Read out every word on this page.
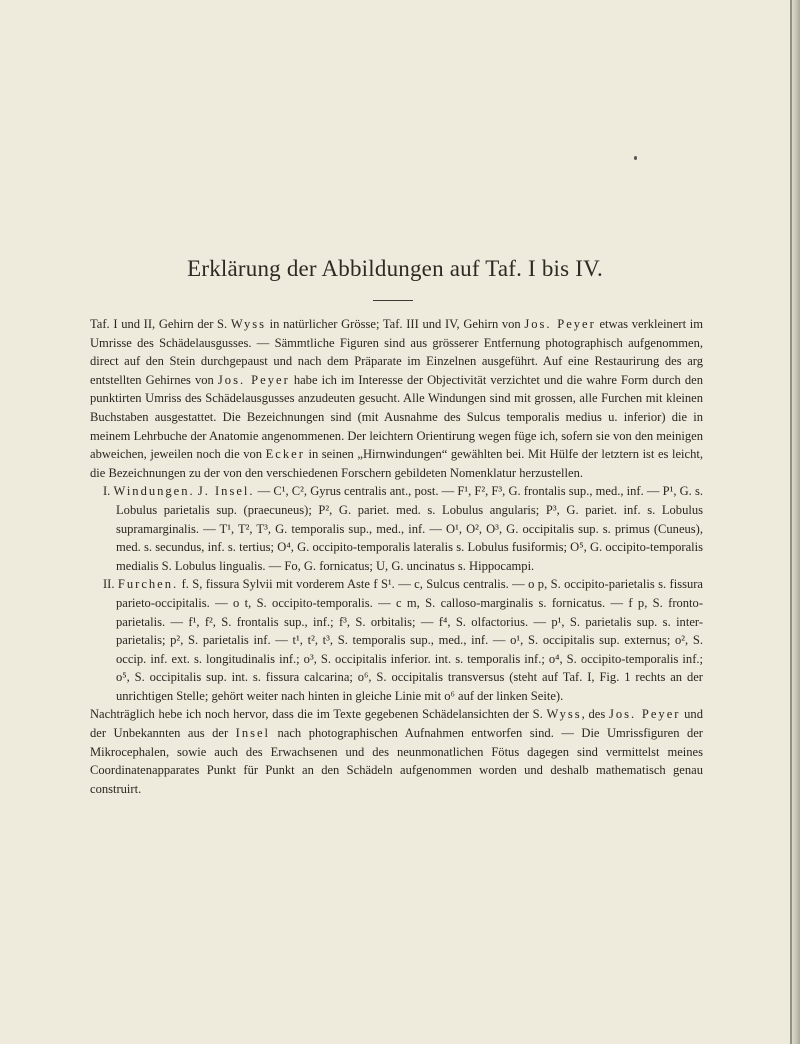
Erklärung der Abbildungen auf Taf. I bis IV.

Taf. I und II, Gehirn der S. Wyss in natürlicher Grösse; Taf. III und IV, Gehirn von Jos. Peyer etwas verkleinert im Umrisse des Schädelausgusses. — Sämmtliche Figuren sind aus grösserer Entfernung photographisch aufgenommen, direct auf den Stein durchgepaust und nach dem Präparate im Einzelnen ausgeführt. Auf eine Restaurirung des arg entstellten Gehirnes von Jos. Peyer habe ich im Interesse der Objectivität verzichtet und die wahre Form durch den punktirten Umriss des Schädelausgusses anzudeuten gesucht. Alle Windungen sind mit grossen, alle Furchen mit kleinen Buchstaben ausgestattet. Die Bezeichnungen sind (mit Ausnahme des Sulcus temporalis medius u. inferior) die in meinem Lehrbuche der Anatomie angenommenen. Der leichtern Orientirung wegen füge ich, sofern sie von den meinigen abweichen, jeweilen noch die von Ecker in seinen „Hirnwindungen“ gewählten bei. Mit Hülfe der letztern ist es leicht, die Bezeichnungen zu der von den verschiedenen Forschern gebildeten Nomenklatur herzustellen.

I. Windungen. J. Insel. — C¹, C², Gyrus centralis ant., post. — F¹, F², F³, G. frontalis sup., med., inf. — P¹, G. s. Lobulus parietalis sup. (praecuneus); P², G. pariet. med. s. Lobulus angularis; P³, G. pariet. inf. s. Lobulus supramarginalis. — T¹, T², T³, G. temporalis sup., med., inf. — O¹, O², O³, G. occipitalis sup. s. primus (Cuneus), med. s. secundus, inf. s. tertius; O⁴, G. occipito-temporalis lateralis s. Lobulus fusiformis; O⁵, G. occipito-temporalis medialis S. Lobulus lingualis. — Fo, G. fornicatus; U, G. uncinatus s. Hippocampi.

II. Furchen. f. S, fissura Sylvii mit vorderem Aste f S¹. — c, Sulcus centralis. — o p, S. occipito-parietalis s. fissura parieto-occipitalis. — o t, S. occipito-temporalis. — c m, S. calloso-marginalis s. fornicatus. — f p, S. fronto-parietalis. — f¹, f², S. frontalis sup., inf.; f³, S. orbitalis; — f⁴, S. olfactorius. — p¹, S. parietalis sup. s. inter-parietalis; p², S. parietalis inf. — t¹, t², t³, S. temporalis sup., med., inf. — o¹, S. occipitalis sup. externus; o², S. occip. inf. ext. s. longitudinalis inf.; o³, S. occipitalis inferior. int. s. temporalis inf.; o⁴, S. occipito-temporalis inf.; o⁵, S. occipitalis sup. int. s. fissura calcarina; o⁶, S. occipitalis transversus (steht auf Taf. I, Fig. 1 rechts an der unrichtigen Stelle; gehört weiter nach hinten in gleiche Linie mit o⁶ auf der linken Seite).

Nachträglich hebe ich noch hervor, dass die im Texte gegebenen Schädelansichten der S. Wyss, des Jos. Peyer und der Unbekannten aus der Insel nach photographischen Aufnahmen entworfen sind. — Die Umrissfiguren der Mikrocephalen, sowie auch des Erwachsenen und des neunmonatlichen Fötus dagegen sind vermittelst meines Coordinatenapparates Punkt für Punkt an den Schädeln aufgenommen worden und deshalb mathematisch genau construirt.
